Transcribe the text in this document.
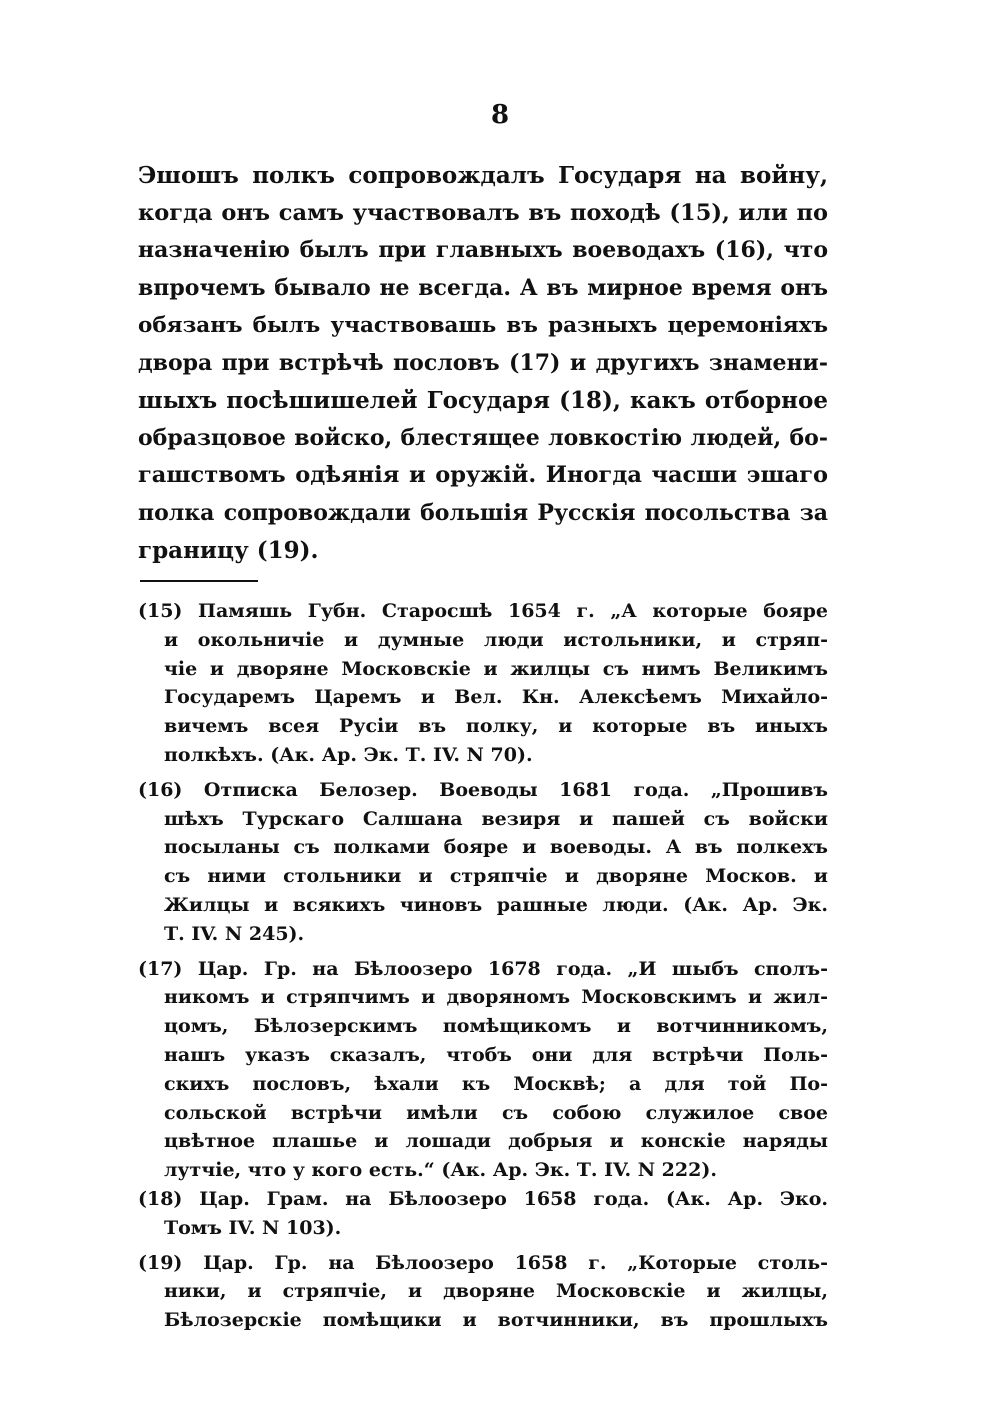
8
Эшошъ полкъ сопровождалъ Государя на войну,
когда онъ самъ участвовалъ въ походѣ (15), или по
назначенію былъ при главныхъ воеводахъ (16), что
впрочемъ бывало не всегда. А въ мирное время онъ
обязанъ былъ участвовашь въ разныхъ церемоніяхъ
двора при встрѣчѣ пословъ (17) и другихъ знамени-
шыхъ посѣшишелей Государя (18), какъ отборное
образцовое войско, блестящее ловкостію людей, бо-
гашствомъ одѣянія и оружій. Иногда часши эшаго
полка сопровождали большія Русскія посольства за
границу (19).
(15) Памяшь Губн. Старосшѣ 1654 г. „А которые бояре
и окольничіе и думные люди истольники, и стряп-
чіе и дворяне Московскіе и жилцы съ нимъ Великимъ
Государемъ Царемъ и Вел. Кн. Алексѣемъ Михайло-
вичемъ всея Русіи въ полку, и которые въ иныхъ
полкѣхъ. (Ак. Ар. Эк. Т. IV. N 70).
(16) Отписка Белозер. Воеводы 1681 года. „Прошивъ
шѣхъ Турскаго Салшана везиря и пашей съ войски
посыланы съ полками бояре и воеводы. А въ полкехъ
съ ними стольники и стряпчіе и дворяне Москов. и
Жилцы и всякихъ чиновъ рашные люди. (Ак. Ар. Эк.
Т. IV. N 245).
(17) Цар. Гр. на Бѣлоозеро 1678 года. „И шыбъ сполъ-
никомъ и стряпчимъ и дворяномъ Московскимъ и жил-
цомъ, Бѣлозерскимъ помѣщикомъ и вотчинникомъ,
нашъ указъ сказалъ, чтобъ они для встрѣчи Поль-
скихъ пословъ, ѣхали къ Москвѣ; а для той По-
сольской встрѣчи имѣли съ собою служилое свое
цвѣтное плашье и лошади добрыя и конскіе наряды
лутчіе, что у кого есть.“ (Ак. Ар. Эк. Т. IV. N 222).
(18) Цар. Грам. на Бѣлоозеро 1658 года. (Ак. Ар. Эко.
Томъ IV. N 103).
(19) Цар. Гр. на Бѣлоозеро 1658 г. „Которые столь-
ники, и стряпчіе, и дворяне Московскіе и жилцы,
Бѣлозерскіе помѣщики и вотчинники, въ прошлыхъ
